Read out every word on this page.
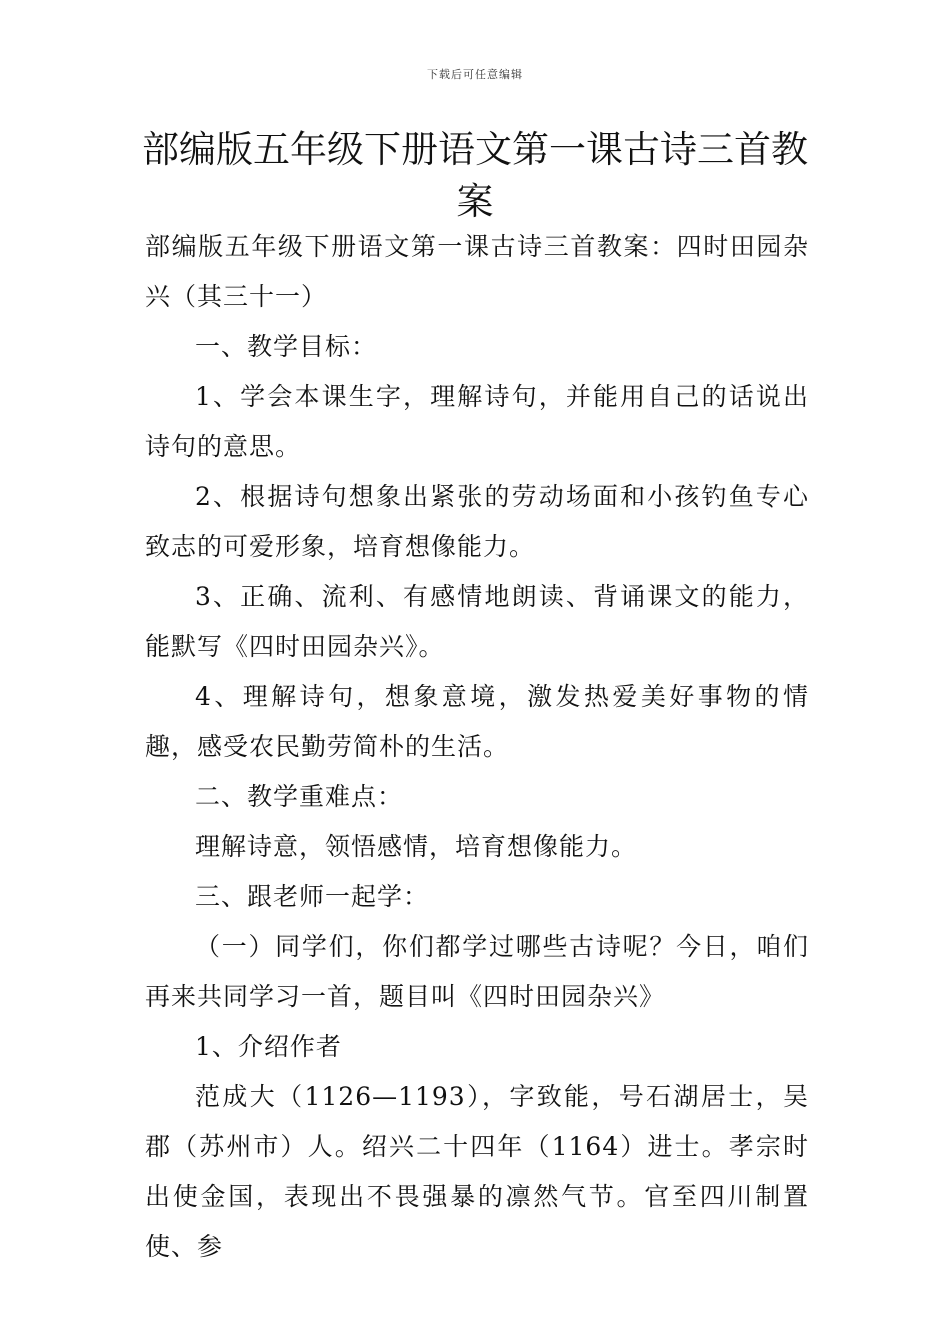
下载后可任意编辑
部编版五年级下册语文第一课古诗三首教案

部编版五年级下册语文第一课古诗三首教案：四时田园杂兴（其三十一）

一、教学目标：

1、学会本课生字，理解诗句，并能用自己的话说出诗句的意思。

2、根据诗句想象出紧张的劳动场面和小孩钓鱼专心致志的可爱形象，培育想像能力。

3、正确、流利、有感情地朗读、背诵课文的能力，能默写《四时田园杂兴》。

4、理解诗句，想象意境，激发热爱美好事物的情趣，感受农民勤劳简朴的生活。

二、教学重难点：

理解诗意，领悟感情，培育想像能力。

三、跟老师一起学：

（一）同学们，你们都学过哪些古诗呢？今日，咱们再来共同学习一首，题目叫《四时田园杂兴》

1、介绍作者

范成大（1126—1193），字致能，号石湖居士，吴郡（苏州市）人。绍兴二十四年（1164）进士。孝宗时出使金国，表现出不畏强暴的凛然气节。官至四川制置使、参
